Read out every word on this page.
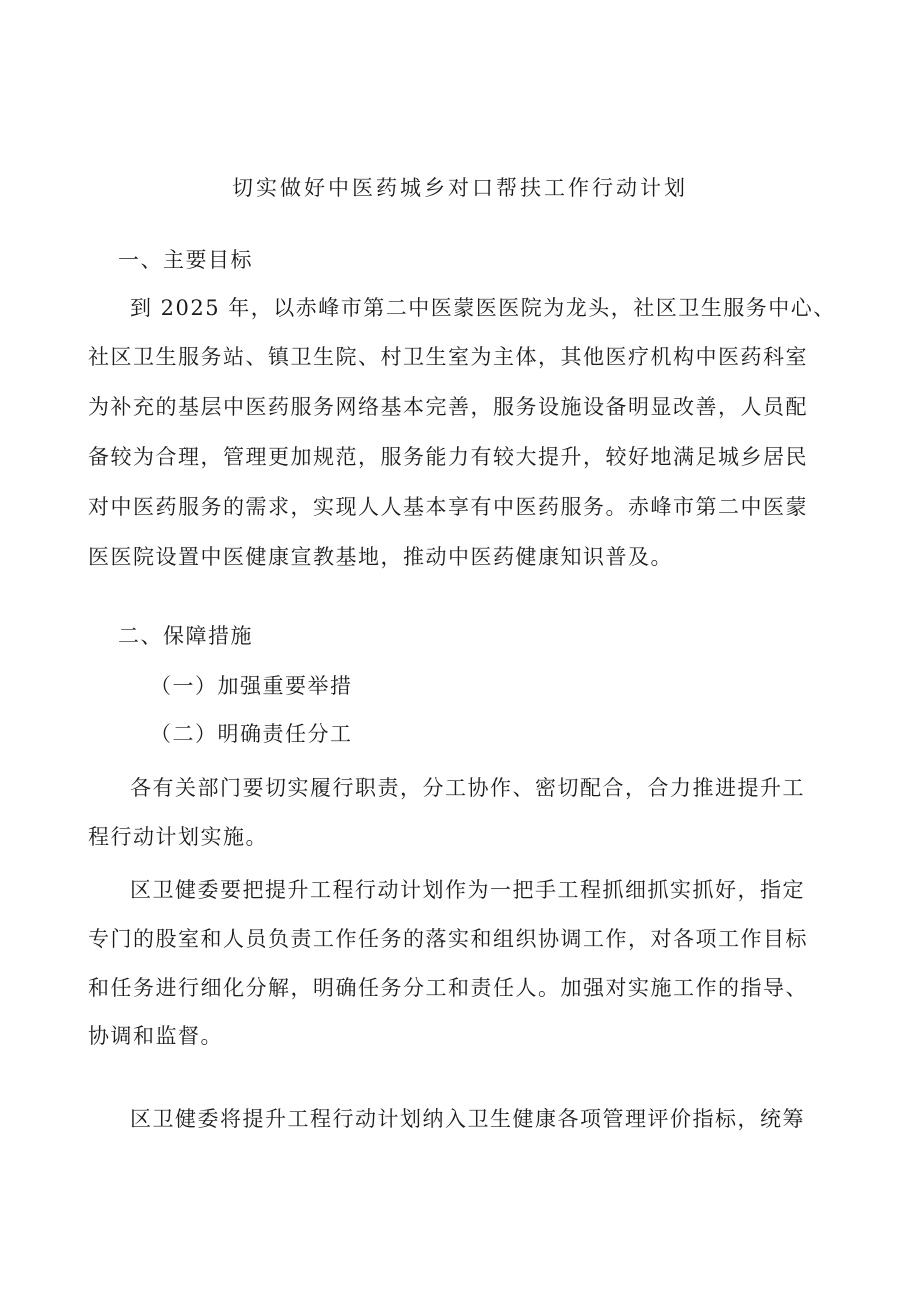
切实做好中医药城乡对口帮扶工作行动计划
一、主要目标
到 2025 年，以赤峰市第二中医蒙医医院为龙头，社区卫生服务中心、
社区卫生服务站、镇卫生院、村卫生室为主体，其他医疗机构中医药科室
为补充的基层中医药服务网络基本完善，服务设施设备明显改善，人员配
备较为合理，管理更加规范，服务能力有较大提升，较好地满足城乡居民
对中医药服务的需求，实现人人基本享有中医药服务。赤峰市第二中医蒙
医医院设置中医健康宣教基地，推动中医药健康知识普及。
二、保障措施
（一）加强重要举措
（二）明确责任分工
各有关部门要切实履行职责，分工协作、密切配合，合力推进提升工
程行动计划实施。
区卫健委要把提升工程行动计划作为一把手工程抓细抓实抓好，指定
专门的股室和人员负责工作任务的落实和组织协调工作，对各项工作目标
和任务进行细化分解，明确任务分工和责任人。加强对实施工作的指导、
协调和监督。
区卫健委将提升工程行动计划纳入卫生健康各项管理评价指标，统筹
